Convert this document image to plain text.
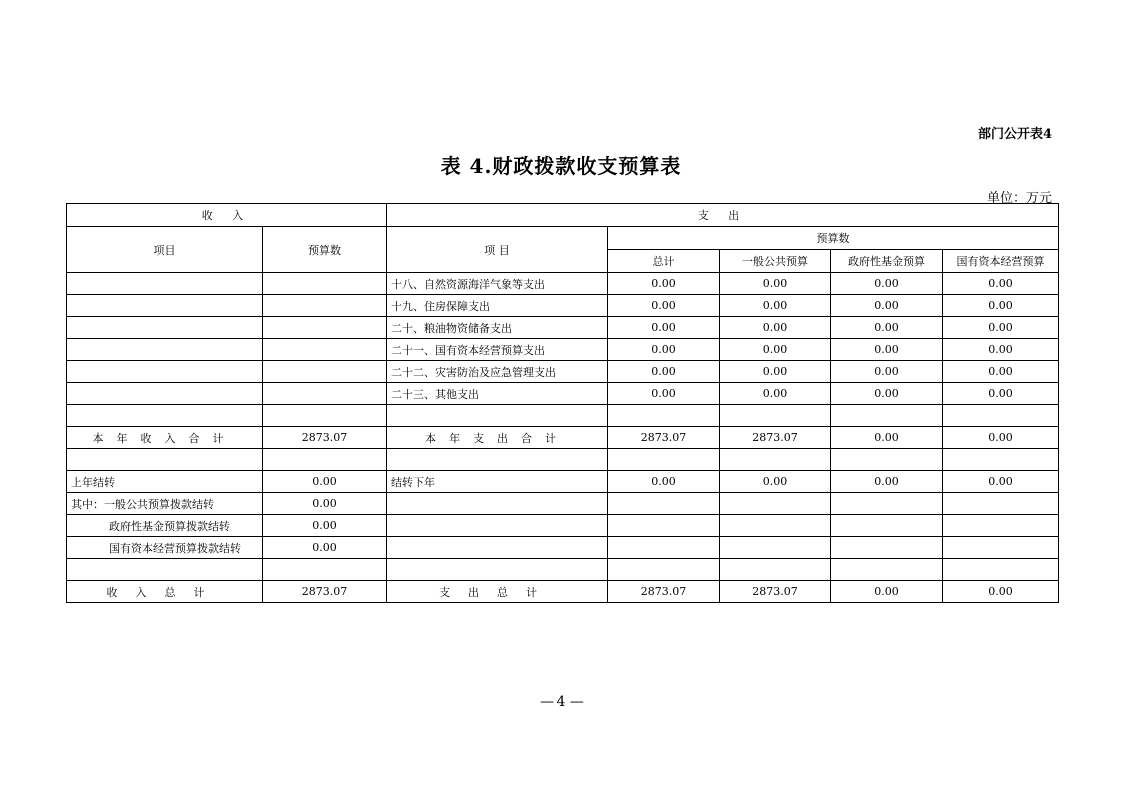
部门公开表4
表 4.财政拨款收支预算表
单位：万元
收 入		支 出				
项目	预算数	项 目	预算数			
			总计	一般公共预算	政府性基金预算	国有资本经营预算
		十八、自然资源海洋气象等支出	0.00	0.00	0.00	0.00
		十九、住房保障支出	0.00	0.00	0.00	0.00
		二十、粮油物资储备支出	0.00	0.00	0.00	0.00
		二十一、国有资本经营预算支出	0.00	0.00	0.00	0.00
		二十二、灾害防治及应急管理支出	0.00	0.00	0.00	0.00
		二十三、其他支出	0.00	0.00	0.00	0.00

本年收入合计	2873.07	本年支出合计	2873.07	2873.07	0.00	0.00

上年结转	0.00	结转下年	0.00	0.00	0.00	0.00
其中：一般公共预算拨款结转	0.00					
政府性基金预算拨款结转	0.00					
国有资本经营预算拨款结转	0.00					

收入总计	2873.07	支出总计	2873.07	2873.07	0.00	0.00
— 4 —
